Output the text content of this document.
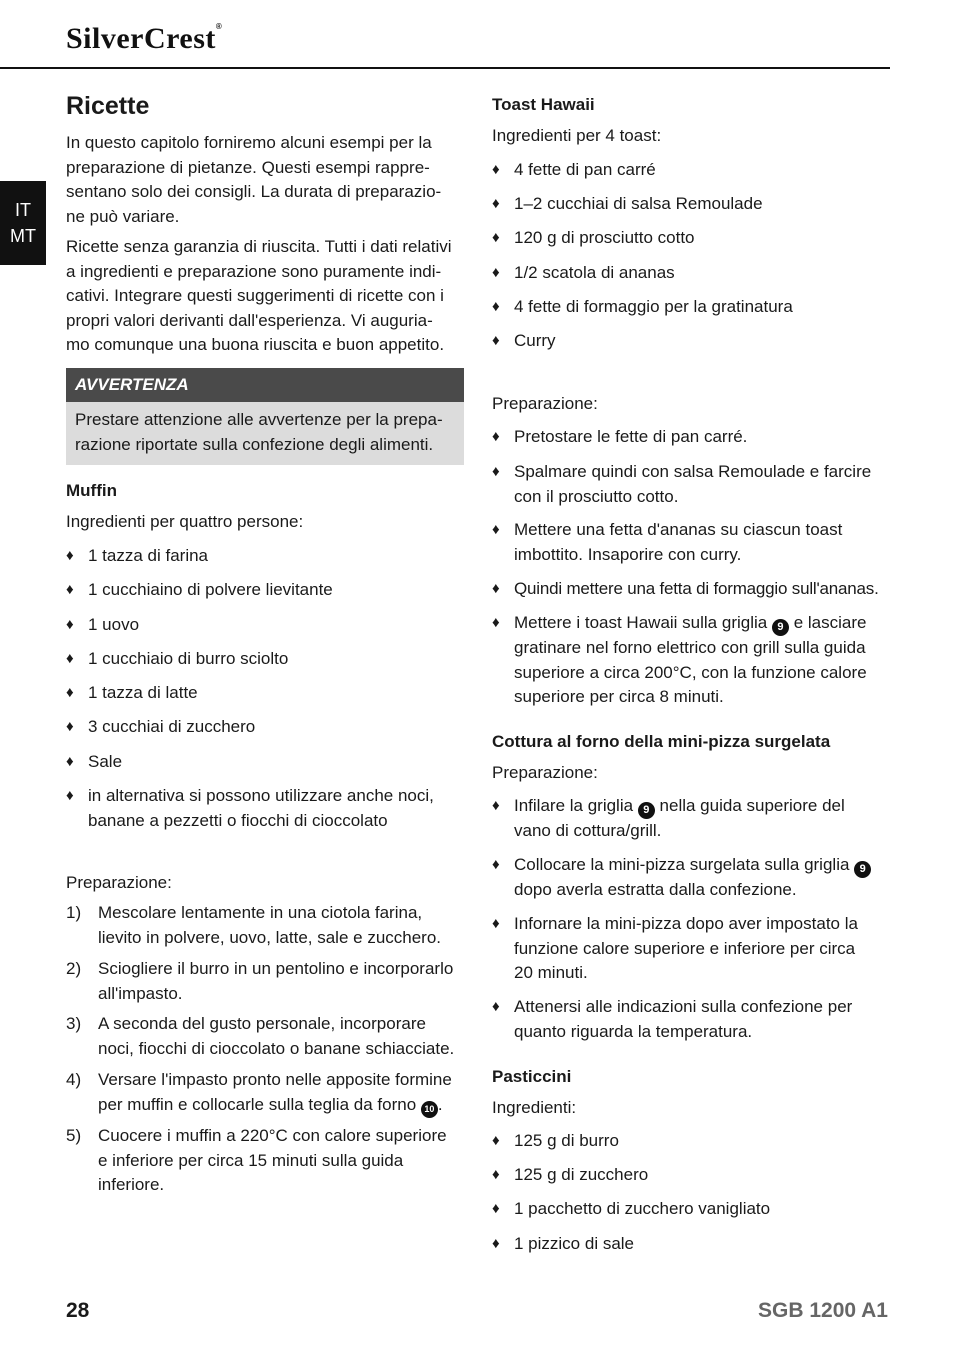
SilverCrest®
IT
MT
Ricette

In questo capitolo forniremo alcuni esempi per la

preparazione di pietanze. Questi esempi rappre-

sentano solo dei consigli. La durata di preparazio-

ne può variare.

Ricette senza garanzia di riuscita. Tutti i dati relativi

a ingredienti e preparazione sono puramente indi-

cativi. Integrare questi suggerimenti di ricette con i

propri valori derivanti dall'esperienza. Vi auguria-

mo comunque una buona riuscita e buon appetito.

AVVERTENZA
Prestare attenzione alle avvertenze per la prepa-
razione riportate sulla confezione degli alimenti.
Muffin

Ingredienti per quattro persone:

♦ 1 tazza di farina
♦ 1 cucchiaino di polvere lievitante
♦ 1 uovo
♦ 1 cucchiaio di burro sciolto
♦ 1 tazza di latte
♦ 3 cucchiai di zucchero
♦ Sale
♦ in alternativa si possono utilizzare anche noci,
banane a pezzetti o fiocchi di cioccolato

Preparazione:

1) Mescolare lentamente in una ciotola farina,
lievito in polvere, uovo, latte, sale e zucchero.
2) Sciogliere il burro in un pentolino e incorporarlo
all'impasto.
3) A seconda del gusto personale, incorporare
noci, fiocchi di cioccolato o banane schiacciate.
4) Versare l'impasto pronto nelle apposite formine
per muffin e collocarle sulla teglia da forno 10 .
5) Cuocere i muffin a 220°C con calore superiore
e inferiore per circa 15 minuti sulla guida
inferiore.
Toast Hawaii

Ingredienti per 4 toast:

♦ 4 fette di pan carré
♦ 1–2 cucchiai di salsa Remoulade
♦ 120 g di prosciutto cotto
♦ 1/2 scatola di ananas
♦ 4 fette di formaggio per la gratinatura
♦ Curry

Preparazione:

♦ Pretostare le fette di pan carré.
♦ Spalmare quindi con salsa Remoulade e farcire
con il prosciutto cotto.
♦ Mettere una fetta d'ananas su ciascun toast
imbottito. Insaporire con curry.
♦ Quindi mettere una fetta di formaggio sull'ananas.
♦ Mettere i toast Hawaii sulla griglia 9 e lasciare
gratinare nel forno elettrico con grill sulla guida
superiore a circa 200°C, con la funzione calore
superiore per circa 8 minuti.
Cottura al forno della mini-pizza surgelata

Preparazione:

♦ Infilare la griglia 9 nella guida superiore del
vano di cottura/grill.
♦ Collocare la mini-pizza surgelata sulla griglia 9
dopo averla estratta dalla confezione.
♦ Infornare la mini-pizza dopo aver impostato la
funzione calore superiore e inferiore per circa
20 minuti.
♦ Attenersi alle indicazioni sulla confezione per
quanto riguarda la temperatura.
Pasticcini

Ingredienti:

♦ 125 g di burro
♦ 125 g di zucchero
♦ 1 pacchetto di zucchero vanigliato
♦ 1 pizzico di sale
28	SGB 1200 A1
